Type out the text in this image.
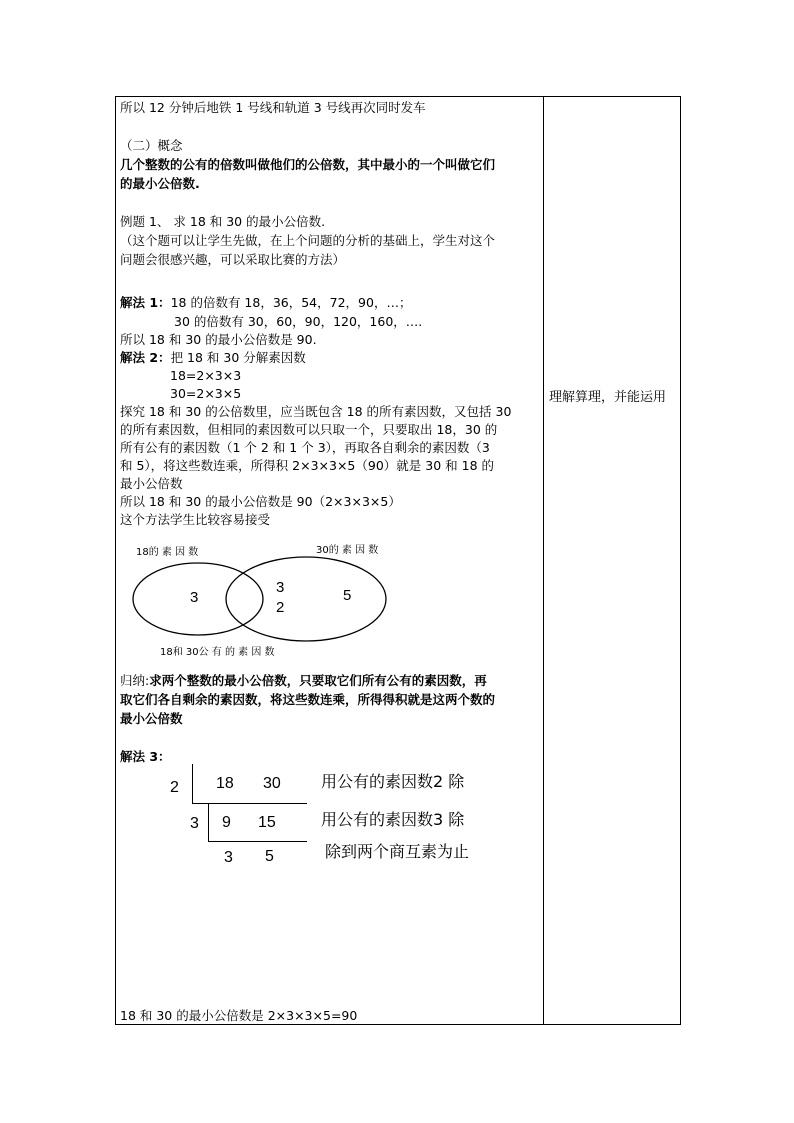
所以 12 分钟后地铁 1 号线和轨道 3 号线再次同时发车
（二）概念
几个整数的公有的倍数叫做他们的公倍数，其中最小的一个叫做它们
的最小公倍数.
例题 1、 求 18 和 30 的最小公倍数.
（这个题可以让学生先做，在上个问题的分析的基础上，学生对这个
问题会很感兴趣，可以采取比赛的方法）
解法 1：18 的倍数有 18，36，54，72，90，…；
30 的倍数有 30，60，90，120，160，….
所以 18 和 30 的最小公倍数是 90.
解法 2：把 18 和 30 分解素因数
18=2×3×3
30=2×3×5
探究 18 和 30 的公倍数里，应当既包含 18 的所有素因数，又包括 30
的所有素因数，但相同的素因数可以只取一个，只要取出 18，30 的
所有公有的素因数（1 个 2 和 1 个 3），再取各自剩余的素因数（3
和 5），将这些数连乘，所得积 2×3×3×5（90）就是 30 和 18 的
最小公倍数
所以 18 和 30 的最小公倍数是 90（2×3×3×5）
这个方法学生比较容易接受
18的 素 因 数	30的 素 因 数
3
3
2
5
18和 30公 有 的 素 因 数
归纳:求两个整数的最小公倍数，只要取它们所有公有的素因数，再
取它们各自剩余的素因数，将这些数连乘，所得得积就是这两个数的
最小公倍数
解法 3：
2 18 30	用公有的素因数2 除
3 9 15	用公有的素因数3 除
3 5	除到两个商互素为止
18 和 30 的最小公倍数是 2×3×3×5=90
理解算理，并能运用
